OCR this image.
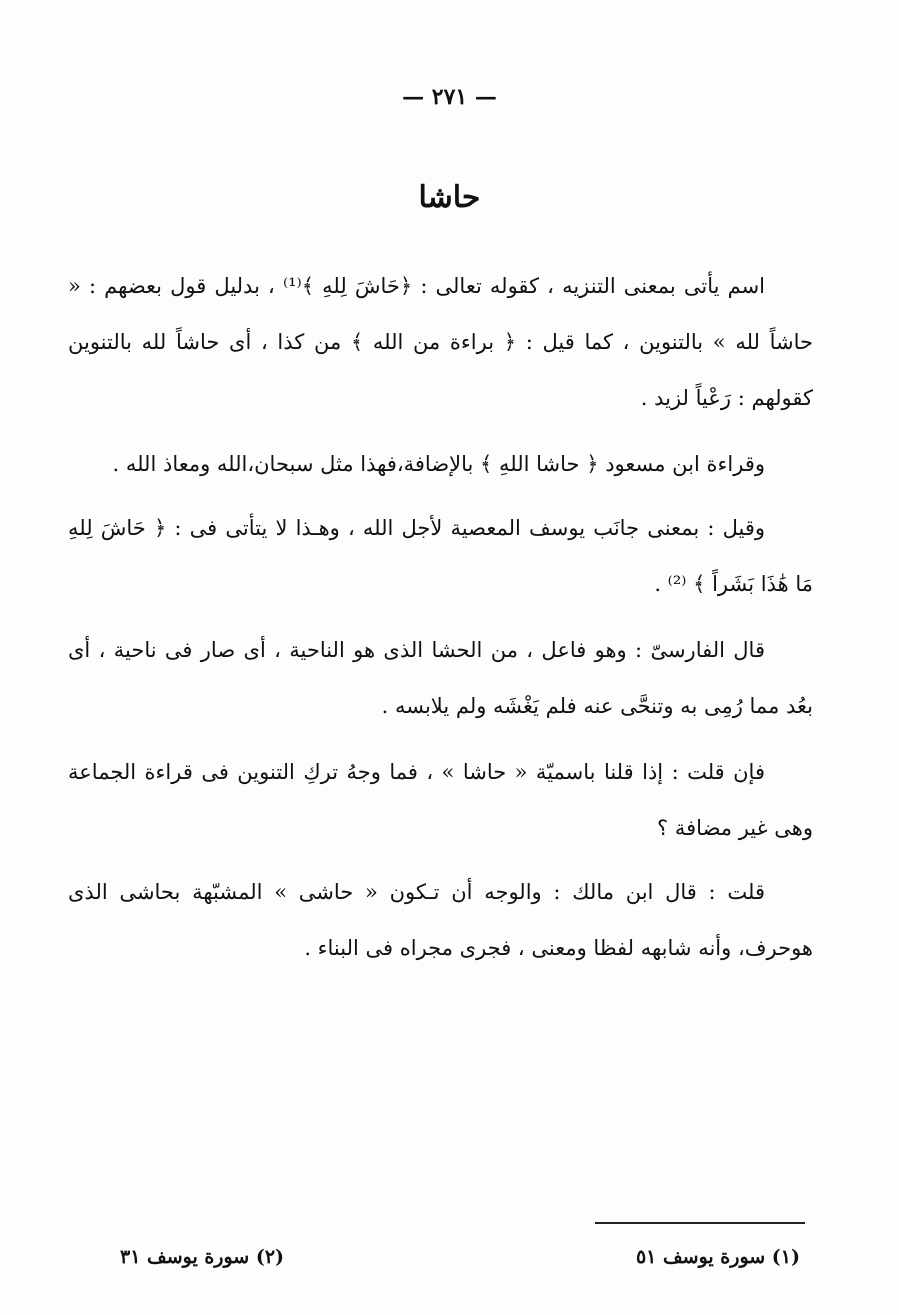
— ٢٧١ —
حاشا

اسم يأتى بمعنى التنزيه ، كقوله تعالى : ﴿حَاشَ لِلهِ ﴾⁽¹⁾ ، بدليل قول بعضهم : « حاشاً لله » بالتنوين ، كما قيل : ﴿ براءة من الله ﴾ من كذا ، أى حاشاً لله بالتنوين كقولهم : رَعْياً لزيد .

وقراءة ابن مسعود ﴿ حاشا اللهِ ﴾ بالإضافة،فهذا مثل سبحان،الله ومعاذ الله .

وقيل : بمعنى جانَب يوسف المعصية لأجل الله ، وهـذا لا يتأتى فى : ﴿ حَاشَ لِلهِ مَا هَٰذَا بَشَراً ﴾ ⁽²⁾ .

قال الفارسىّ : وهو فاعل ، من الحشا الذى هو الناحية ، أى صار فى ناحية ، أى بعُد مما رُمِى به وتنحَّى عنه فلم يَغْشَه ولم يلابسه .

فإن قلت : إذا قلنا باسميّة « حاشا » ، فما وجهُ تركِ التنوين فى قراءة الجماعة وهى غير مضافة ؟

قلت : قال ابن مالك : والوجه أن تـكون « حاشى » المشبّهة بحاشى الذى هوحرف، وأنه شابهه لفظا ومعنى ، فجرى مجراه فى البناء .

(١) سورة يوسف ٥١
(٢) سورة يوسف ٣١
